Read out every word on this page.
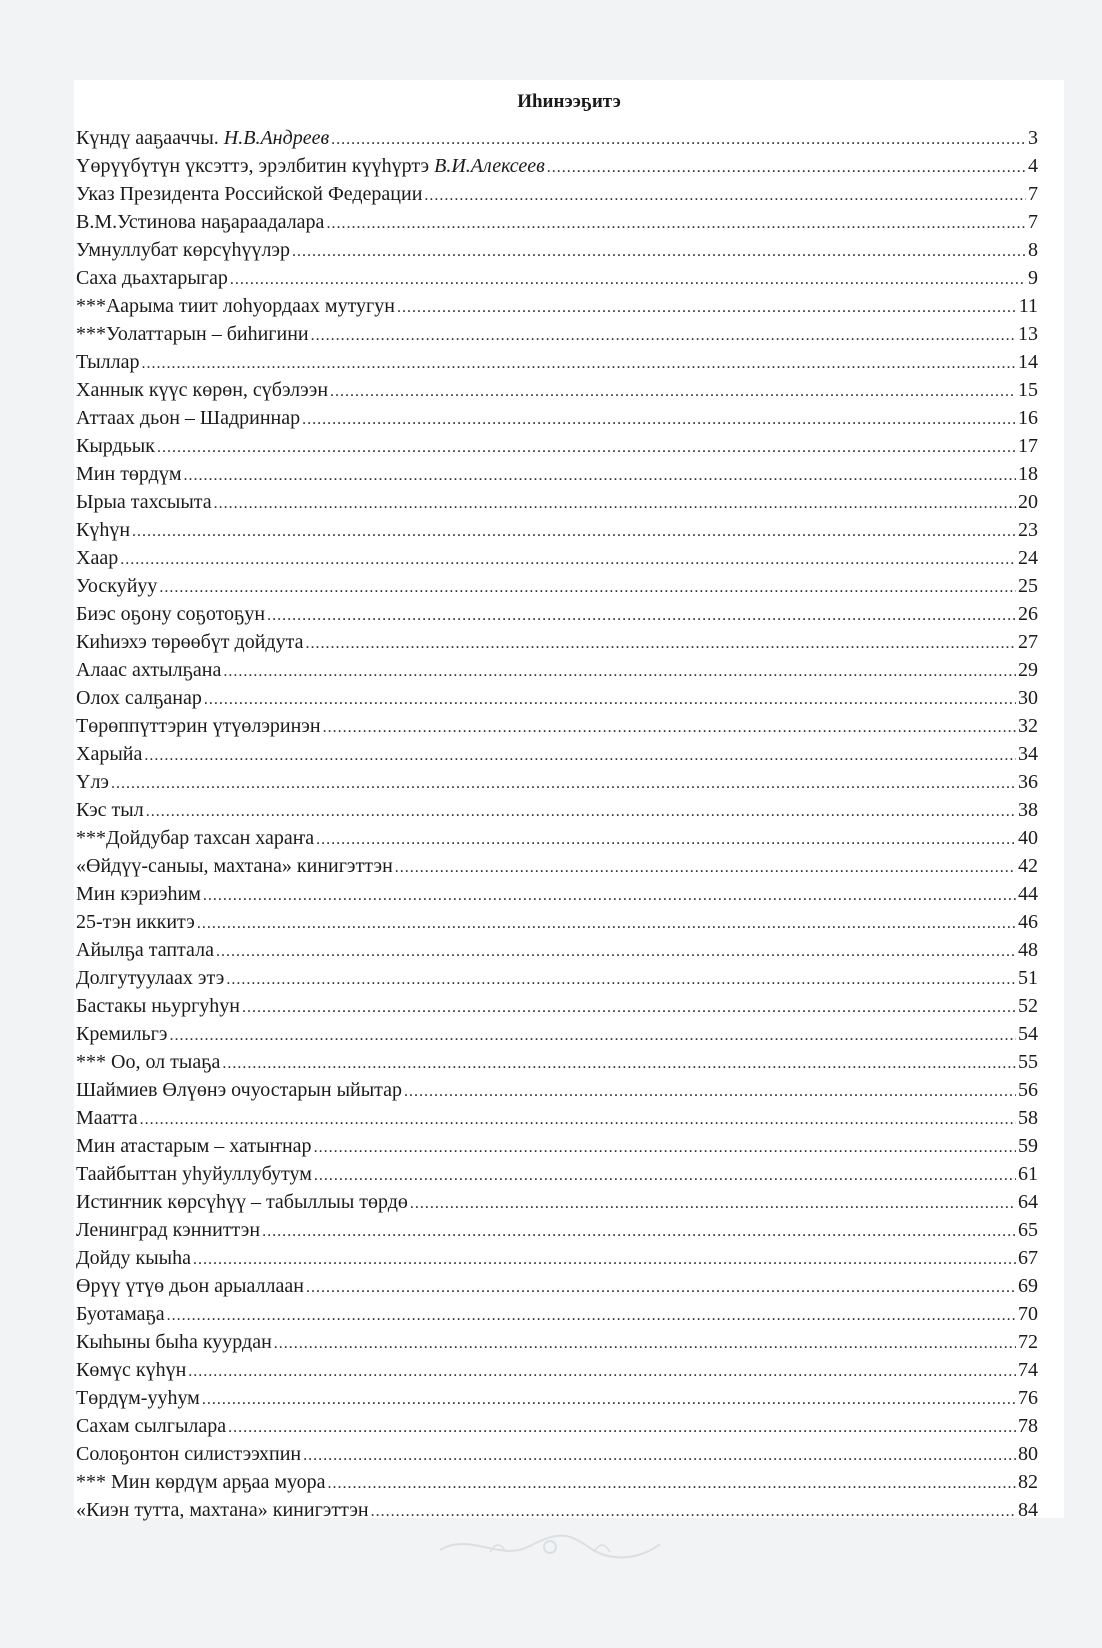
Иhинээҕитэ
Күндү ааҕааччы. Н.В.Андреев .....	3
Үөрүүбүтүн үксэттэ, эрэлбитин күүһүртэ В.И.Алексеев .....	4
Указ Президента Российской Федерации .....	7
В.М.Устинова наҕараадалара .....	7
Умнуллубат көрсүһүүлэр .....	8
Саха дьахтарыгар .....	9
***Аарыма тиит лоһуордаах мутугун .....	11
***Уолаттарын – биһигини .....	13
Тыллар .....	14
Ханнык күүс көрөн, сүбэлээн .....	15
Аттаах дьон – Шадриннар .....	16
Кырдьык .....	17
Мин төрдүм .....	18
Ырыа тахсыыта .....	20
Күһүн .....	23
Хаар .....	24
Уоскуйуу .....	25
Биэс оҕону соҕотоҕун .....	26
Киһиэхэ төрөөбүт дойдута .....	27
Алаас ахтылҕана .....	29
Олох салҕанар .....	30
Төрөппүттэрин үтүөлэринэн .....	32
Харыйа .....	34
Үлэ .....	36
Кэс тыл .....	38
***Дойдубар тахсан хараҥа .....	40
«Өйдүү-саныы, махтана» кинигэттэн .....	42
Мин кэриэһим .....	44
25-тэн иккитэ .....	46
Айылҕа таптала .....	48
Долгутуулаах этэ .....	51
Бастакы ньургуһун .....	52
Кремильгэ .....	54
*** Оо, ол тыаҕа .....	55
Шаймиев Өлүөнэ очуостарын ыйытар .....	56
Маатта .....	58
Мин атастарым – хатыҥнар .....	59
Таайбыттан уһуйуллубутум .....	61
Истиҥник көрсүһүү – табыллыы төрдө .....	64
Ленинград кэнниттэн .....	65
Дойду кыыһа .....	67
Өрүү үтүө дьон арыаллаан .....	69
Буотамаҕа .....	70
Кыһыны быһа куурдан .....	72
Көмүс күһүн .....	74
Төрдүм-ууһум .....	76
Сахам сылгылара .....	78
Солоҕонтон силистээхпин .....	80
*** Мин көрдүм арҕаа муора .....	82
«Киэн тутта, махтана» кинигэттэн .....	84
